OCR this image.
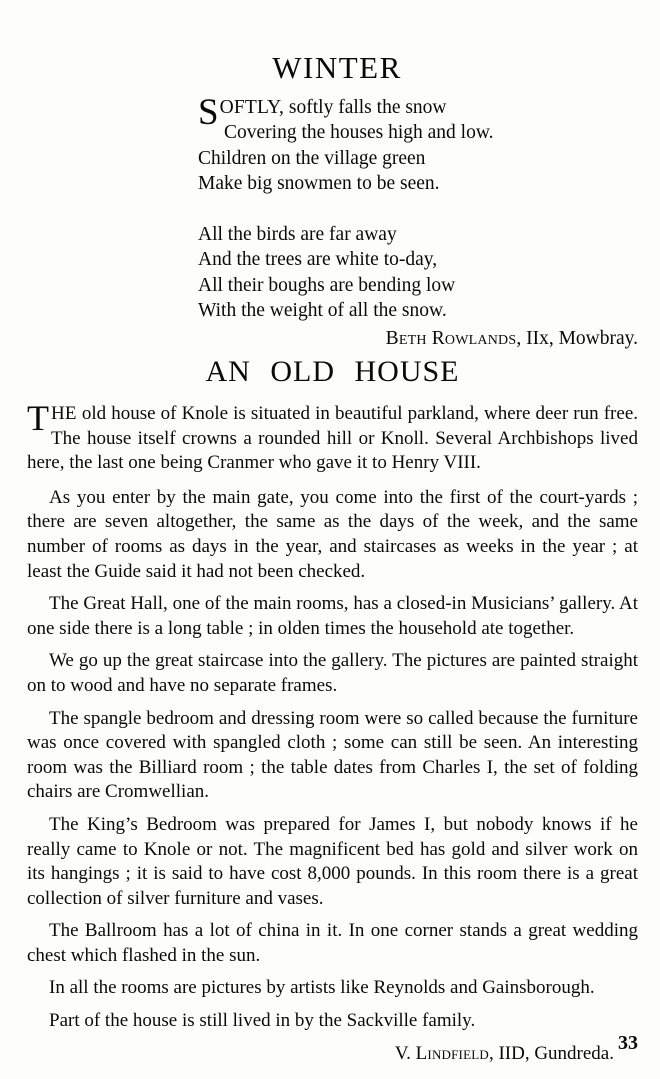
WINTER
SOFTLY, softly falls the snow
Covering the houses high and low.
Children on the village green
Make big snowmen to be seen.
All the birds are far away
And the trees are white to-day,
All their boughs are bending low
With the weight of all the snow.

Beth Rowlands, IIx, Mowbray.

AN OLD HOUSE

THE old house of Knole is situated in beautiful parkland, where deer run free. The house itself crowns a rounded hill or Knoll. Several Archbishops lived here, the last one being Cranmer who gave it to Henry VIII.

As you enter by the main gate, you come into the first of the court-yards ; there are seven altogether, the same as the days of the week, and the same number of rooms as days in the year, and staircases as weeks in the year ; at least the Guide said it had not been checked.

The Great Hall, one of the main rooms, has a closed-in Musicians’ gallery. At one side there is a long table ; in olden times the household ate together.

We go up the great staircase into the gallery. The pictures are painted straight on to wood and have no separate frames.

The spangle bedroom and dressing room were so called because the furniture was once covered with spangled cloth ; some can still be seen. An interesting room was the Billiard room ; the table dates from Charles I, the set of folding chairs are Cromwellian.

The King’s Bedroom was prepared for James I, but nobody knows if he really came to Knole or not. The magnificent bed has gold and silver work on its hangings ; it is said to have cost 8,000 pounds. In this room there is a great collection of silver furniture and vases.

The Ballroom has a lot of china in it. In one corner stands a great wedding chest which flashed in the sun.

In all the rooms are pictures by artists like Reynolds and Gainsborough.

Part of the house is still lived in by the Sackville family.

V. Lindfield, IID, Gundreda. 33
